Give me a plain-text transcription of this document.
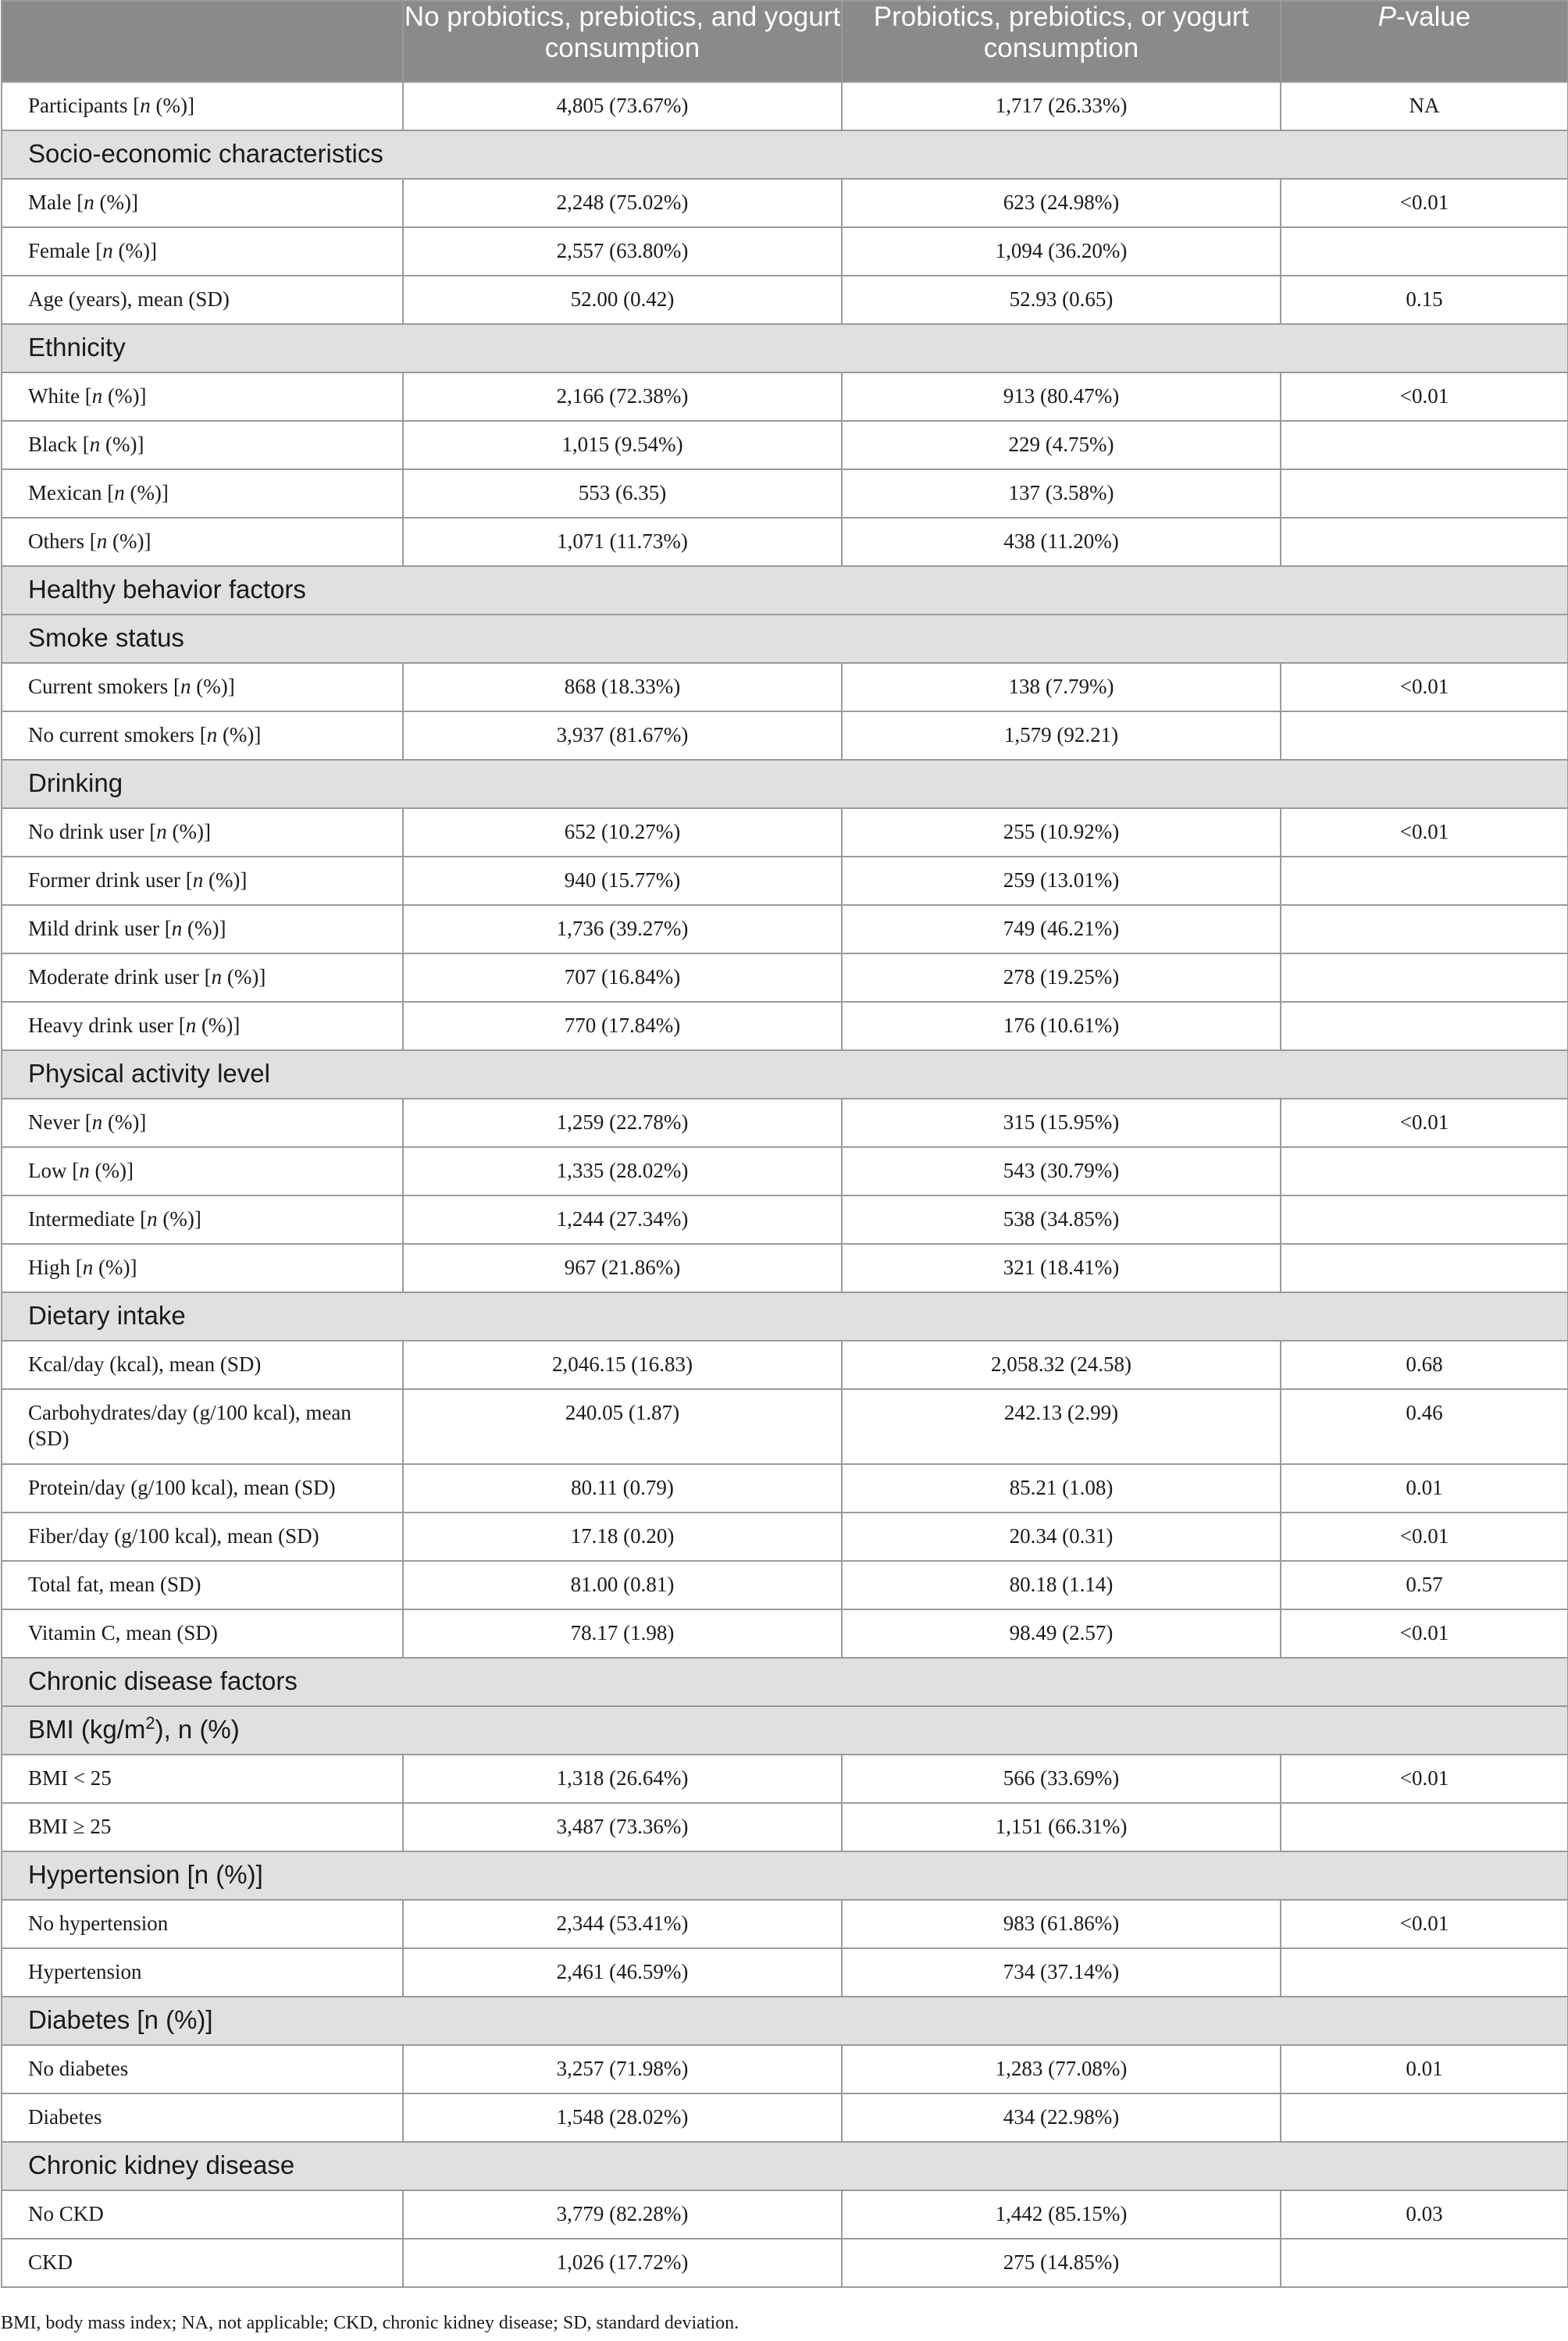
	No probiotics, prebiotics, and yogurt consumption	Probiotics, prebiotics, or yogurt consumption	P-value
Participants [n (%)]	4,805 (73.67%)	1,717 (26.33%)	NA
Socio-economic characteristics			
Male [n (%)]	2,248 (75.02%)	623 (24.98%)	<0.01
Female [n (%)]	2,557 (63.80%)	1,094 (36.20%)	
Age (years), mean (SD)	52.00 (0.42)	52.93 (0.65)	0.15
Ethnicity			
White [n (%)]	2,166 (72.38%)	913 (80.47%)	<0.01
Black [n (%)]	1,015 (9.54%)	229 (4.75%)	
Mexican [n (%)]	553 (6.35)	137 (3.58%)	
Others [n (%)]	1,071 (11.73%)	438 (11.20%)	
Healthy behavior factors			
Smoke status			
Current smokers [n (%)]	868 (18.33%)	138 (7.79%)	<0.01
No current smokers [n (%)]	3,937 (81.67%)	1,579 (92.21)	
Drinking			
No drink user [n (%)]	652 (10.27%)	255 (10.92%)	<0.01
Former drink user [n (%)]	940 (15.77%)	259 (13.01%)	
Mild drink user [n (%)]	1,736 (39.27%)	749 (46.21%)	
Moderate drink user [n (%)]	707 (16.84%)	278 (19.25%)	
Heavy drink user [n (%)]	770 (17.84%)	176 (10.61%)	
Physical activity level			
Never [n (%)]	1,259 (22.78%)	315 (15.95%)	<0.01
Low [n (%)]	1,335 (28.02%)	543 (30.79%)	
Intermediate [n (%)]	1,244 (27.34%)	538 (34.85%)	
High [n (%)]	967 (21.86%)	321 (18.41%)	
Dietary intake			
Kcal/day (kcal), mean (SD)	2,046.15 (16.83)	2,058.32 (24.58)	0.68
Carbohydrates/day (g/100 kcal), mean (SD)	240.05 (1.87)	242.13 (2.99)	0.46
Protein/day (g/100 kcal), mean (SD)	80.11 (0.79)	85.21 (1.08)	0.01
Fiber/day (g/100 kcal), mean (SD)	17.18 (0.20)	20.34 (0.31)	<0.01
Total fat, mean (SD)	81.00 (0.81)	80.18 (1.14)	0.57
Vitamin C, mean (SD)	78.17 (1.98)	98.49 (2.57)	<0.01
Chronic disease factors			
BMI $(kg/m^2)$, n (%)			
BMI < 25	1,318 (26.64%)	566 (33.69%)	<0.01
BMI ≥ 25	3,487 (73.36%)	1,151 (66.31%)	
Hypertension [n (%)]			
No hypertension	2,344 (53.41%)	983 (61.86%)	<0.01
Hypertension	2,461 (46.59%)	734 (37.14%)	
Diabetes [n (%)]			
No diabetes	3,257 (71.98%)	1,283 (77.08%)	0.01
Diabetes	1,548 (28.02%)	434 (22.98%)	
Chronic kidney disease			
No CKD	3,779 (82.28%)	1,442 (85.15%)	0.03
CKD	1,026 (17.72%)	275 (14.85%)	
BMI, body mass index; NA, not applicable; CKD, chronic kidney disease; SD, standard deviation.
